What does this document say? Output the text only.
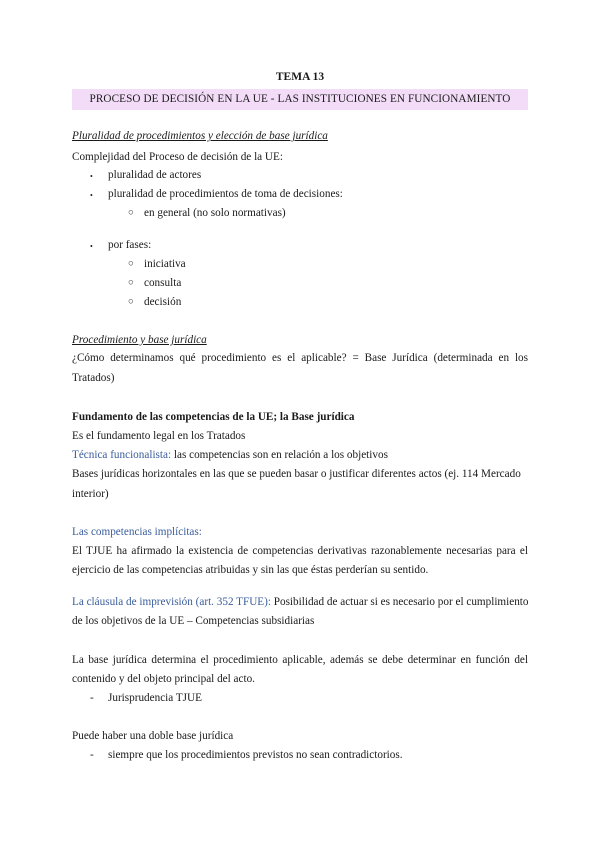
TEMA 13
PROCESO DE DECISIÓN EN LA UE - LAS INSTITUCIONES EN FUNCIONAMIENTO
Pluralidad de procedimientos y elección de base jurídica
Complejidad del Proceso de decisión de la UE:
• pluralidad de actores
• pluralidad de procedimientos de toma de decisiones:
○ en general (no solo normativas)
• por fases:
○ iniciativa
○ consulta
○ decisión
Procedimiento y base jurídica
¿Cómo determinamos qué procedimiento es el aplicable? = Base Jurídica (determinada en los
Tratados)
Fundamento de las competencias de la UE; la Base jurídica
Es el fundamento legal en los Tratados
Técnica funcionalista: las competencias son en relación a los objetivos
Bases jurídicas horizontales en las que se pueden basar o justificar diferentes actos (ej. 114 Mercado
interior)
Las competencias implícitas:
El TJUE ha afirmado la existencia de competencias derivativas razonablemente necesarias para el
ejercicio de las competencias atribuidas y sin las que éstas perderían su sentido.
La cláusula de imprevisión (art. 352 TFUE): Posibilidad de actuar si es necesario por el cumplimiento
de los objetivos de la UE – Competencias subsidiarias
La base jurídica determina el procedimiento aplicable, además se debe determinar en función del
contenido y del objeto principal del acto.
- Jurisprudencia TJUE
Puede haber una doble base jurídica
- siempre que los procedimientos previstos no sean contradictorios.
